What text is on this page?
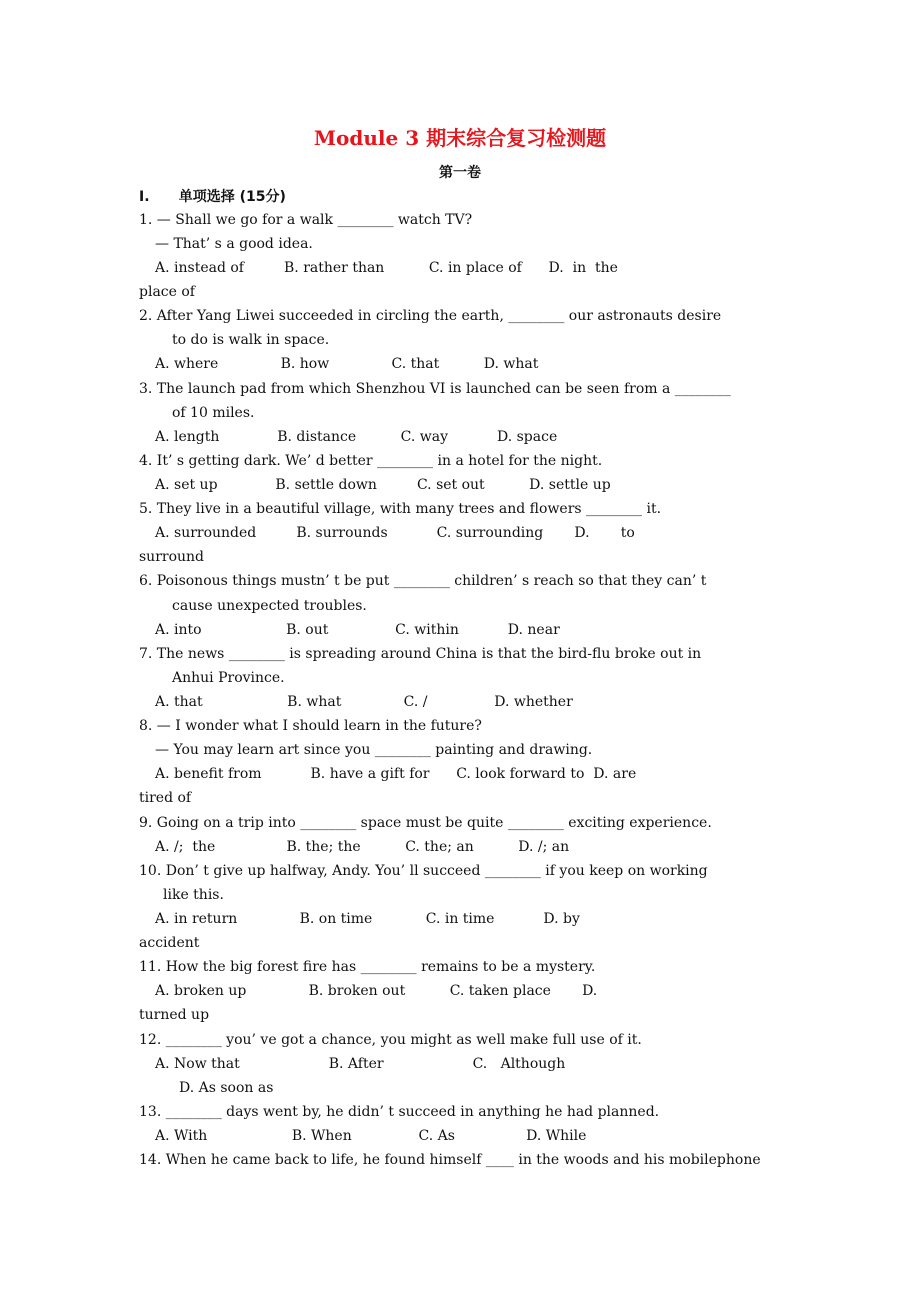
Module 3 期末综合复习检测题
第一卷
I. 单项选择 (15分)
1. — Shall we go for a walk ________ watch TV?
— That’ s a good idea.
A. instead of         B. rather than          C. in place of      D.  in  the
place of
2. After Yang Liwei succeeded in circling the earth, ________ our astronauts desire
to do is walk in space.
A. where              B. how              C. that          D. what
3. The launch pad from which Shenzhou VI is launched can be seen from a ________
of 10 miles.
A. length             B. distance          C. way           D. space
4. It’ s getting dark. We’ d better ________ in a hotel for the night.
A. set up             B. settle down         C. set out          D. settle up
5. They live in a beautiful village, with many trees and flowers ________ it.
A. surrounded         B. surrounds           C. surrounding       D.       to
surround
6. Poisonous things mustn’ t be put ________ children’ s reach so that they can’ t
cause unexpected troubles.
A. into                   B. out               C. within           D. near
7. The news ________ is spreading around China is that the bird-flu broke out in
Anhui Province.
A. that                   B. what              C. /               D. whether
8. — I wonder what I should learn in the future?
— You may learn art since you ________ painting and drawing.
A. benefit from           B. have a gift for      C. look forward to  D. are
tired of
9. Going on a trip into ________ space must be quite ________ exciting experience.
A. /;  the                B. the; the          C. the; an          D. /; an
10. Don’ t give up halfway, Andy. You’ ll succeed ________ if you keep on working
like this.
A. in return              B. on time            C. in time           D. by
accident
11. How the big forest fire has ________ remains to be a mystery.
A. broken up              B. broken out          C. taken place       D.
turned up
12. ________ you’ ve got a chance, you might as well make full use of it.
A. Now that                    B. After                    C.   Although
D. As soon as
13. ________ days went by, he didn’ t succeed in anything he had planned.
A. With                   B. When               C. As                D. While
14. When he came back to life, he found himself ____ in the woods and his mobilephone
